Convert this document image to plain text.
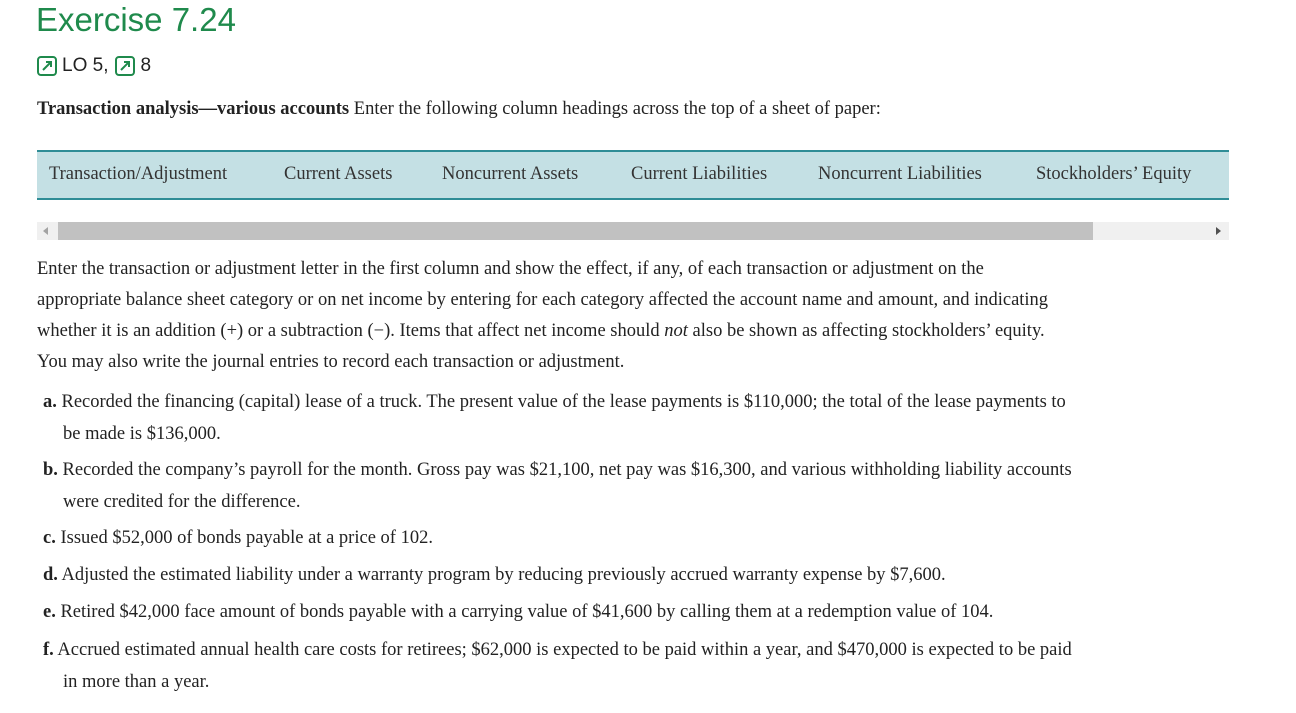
Exercise 7.24
LO 5 , 8
Transaction analysis—various accounts Enter the following column headings across the top of a sheet of paper:
Transaction/Adjustment	Current Assets	Noncurrent Assets	Current Liabilities	Noncurrent Liabilities	Stockholders’ Equity
Enter the transaction or adjustment letter in the first column and show the effect, if any, of each transaction or adjustment on the
appropriate balance sheet category or on net income by entering for each category affected the account name and amount, and indicating
whether it is an addition (+) or a subtraction (−). Items that affect net income should not also be shown as affecting stockholders’ equity.
You may also write the journal entries to record each transaction or adjustment.
a. Recorded the financing (capital) lease of a truck. The present value of the lease payments is $110,000; the total of the lease payments to
be made is $136,000.
b. Recorded the company’s payroll for the month. Gross pay was $21,100, net pay was $16,300, and various withholding liability accounts
were credited for the difference.
c. Issued $52,000 of bonds payable at a price of 102.
d. Adjusted the estimated liability under a warranty program by reducing previously accrued warranty expense by $7,600.
e. Retired $42,000 face amount of bonds payable with a carrying value of $41,600 by calling them at a redemption value of 104.
f. Accrued estimated annual health care costs for retirees; $62,000 is expected to be paid within a year, and $470,000 is expected to be paid
in more than a year.
